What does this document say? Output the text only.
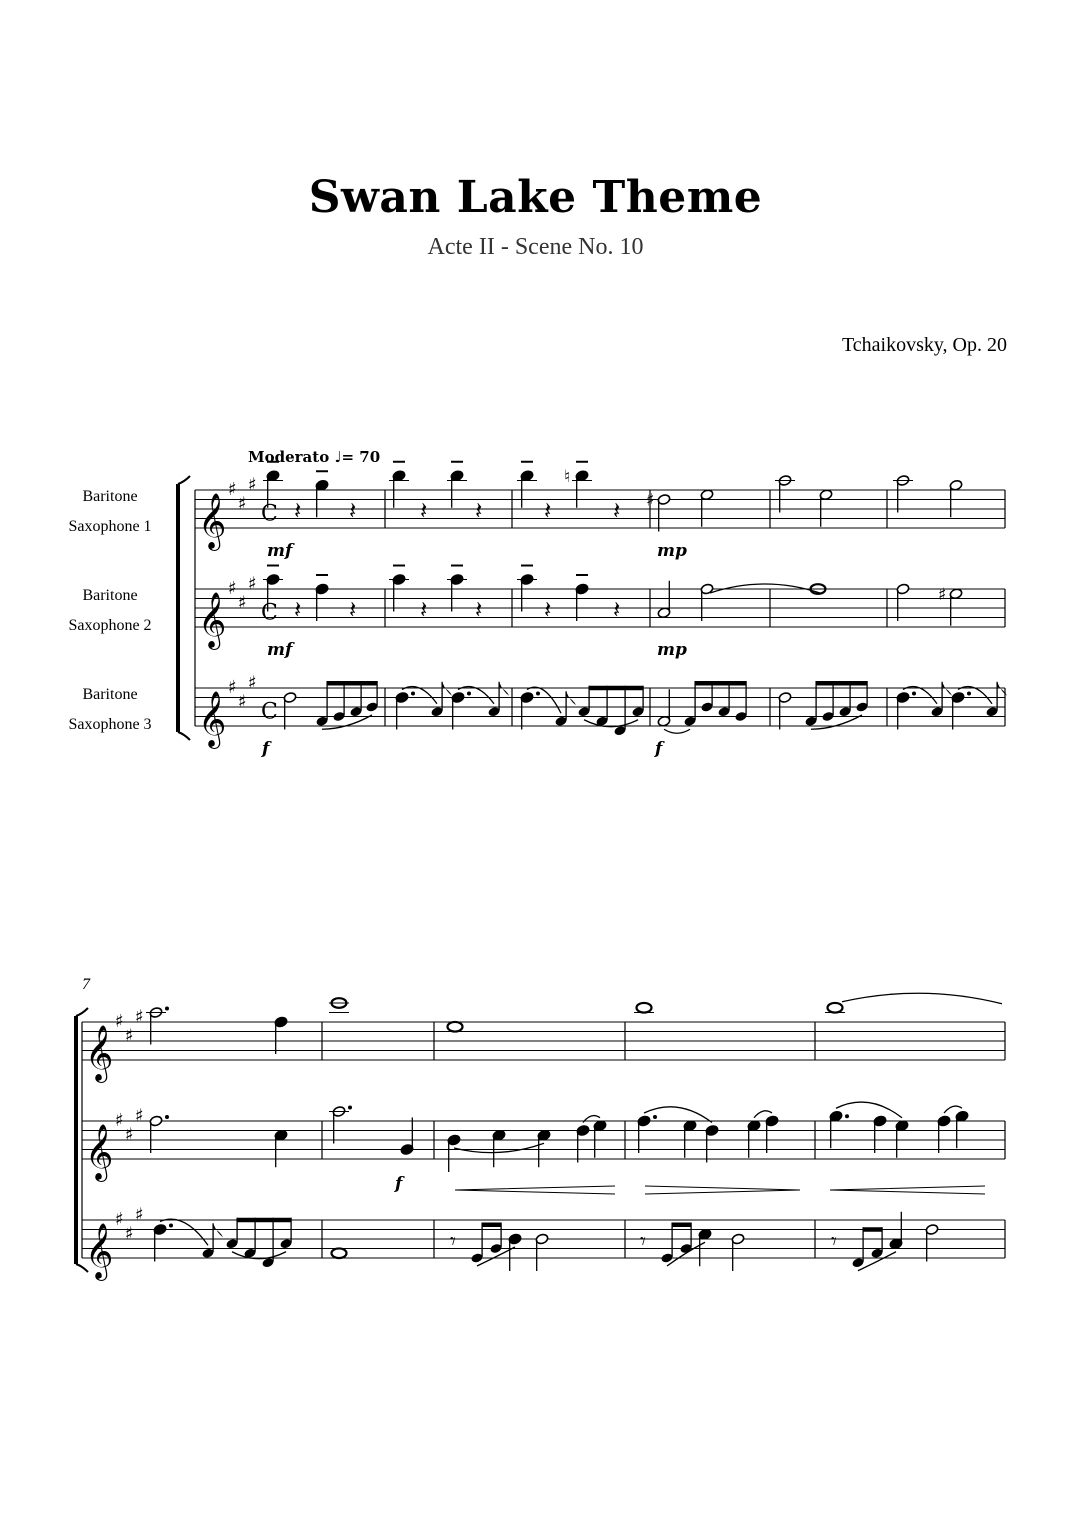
Swan Lake Theme
Acte II - Scene No. 10
Tchaikovsky, Op. 20
Moderato ♩= 70
Baritone
Saxophone 1
Baritone
Saxophone 2
Baritone
Saxophone 3
7
𝄞
♯
♯
♯
C
𝄞
♯
♯
♯
C
𝄞
♯
♯
♯
C
𝄽 𝄽	𝄽 𝄽	𝄽
♮
𝄽 ♯
𝄽 𝄽	𝄽 𝄽	𝄽	𝄽
♯
𝄞
♯
♯
♯
𝄞
♯
♯
♯
𝄞
♯
♯
♯
𝄾	𝄾	𝄾
mf	mp
mf	mp
f	f
f
